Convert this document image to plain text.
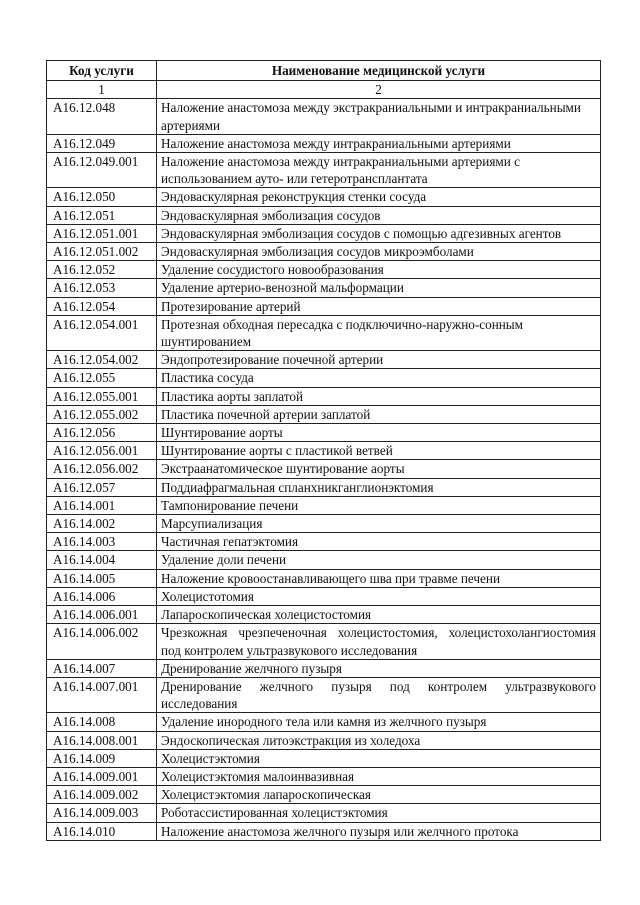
Код услуги	Наименование медицинской услуги
1	2
A16.12.048	Наложение анастомоза между экстракраниальными и интракраниальными артериями
A16.12.049	Наложение анастомоза между интракраниальными артериями
A16.12.049.001	Наложение анастомоза между интракраниальными артериями с использованием ауто- или гетеротрансплантата
A16.12.050	Эндоваскулярная реконструкция стенки сосуда
A16.12.051	Эндоваскулярная эмболизация сосудов
A16.12.051.001	Эндоваскулярная эмболизация сосудов с помощью адгезивных агентов
A16.12.051.002	Эндоваскулярная эмболизация сосудов микроэмболами
A16.12.052	Удаление сосудистого новообразования
A16.12.053	Удаление артерио-венозной мальформации
A16.12.054	Протезирование артерий
A16.12.054.001	Протезная обходная пересадка с подключично-наружно-сонным шунтированием
A16.12.054.002	Эндопротезирование почечной артерии
A16.12.055	Пластика сосуда
A16.12.055.001	Пластика аорты заплатой
A16.12.055.002	Пластика почечной артерии заплатой
A16.12.056	Шунтирование аорты
A16.12.056.001	Шунтирование аорты с пластикой ветвей
A16.12.056.002	Экстраанатомическое шунтирование аорты
A16.12.057	Поддиафрагмальная спланхникганглионэктомия
A16.14.001	Тампонирование печени
A16.14.002	Марсупиализация
A16.14.003	Частичная гепатэктомия
A16.14.004	Удаление доли печени
A16.14.005	Наложение кровоостанавливающего шва при травме печени
A16.14.006	Холецистотомия
A16.14.006.001	Лапароскопическая холецистостомия
A16.14.006.002	Чрезкожная чрезпеченочная холецистостомия, холецистохолангиостомия под контролем ультразвукового исследования
A16.14.007	Дренирование желчного пузыря
A16.14.007.001	Дренирование желчного пузыря под контролем ультразвукового исследования
A16.14.008	Удаление инородного тела или камня из желчного пузыря
A16.14.008.001	Эндоскопическая литоэкстракция из холедоха
A16.14.009	Холецистэктомия
A16.14.009.001	Холецистэктомия малоинвазивная
A16.14.009.002	Холецистэктомия лапароскопическая
A16.14.009.003	Роботассистированная холецистэктомия
A16.14.010	Наложение анастомоза желчного пузыря или желчного протока
